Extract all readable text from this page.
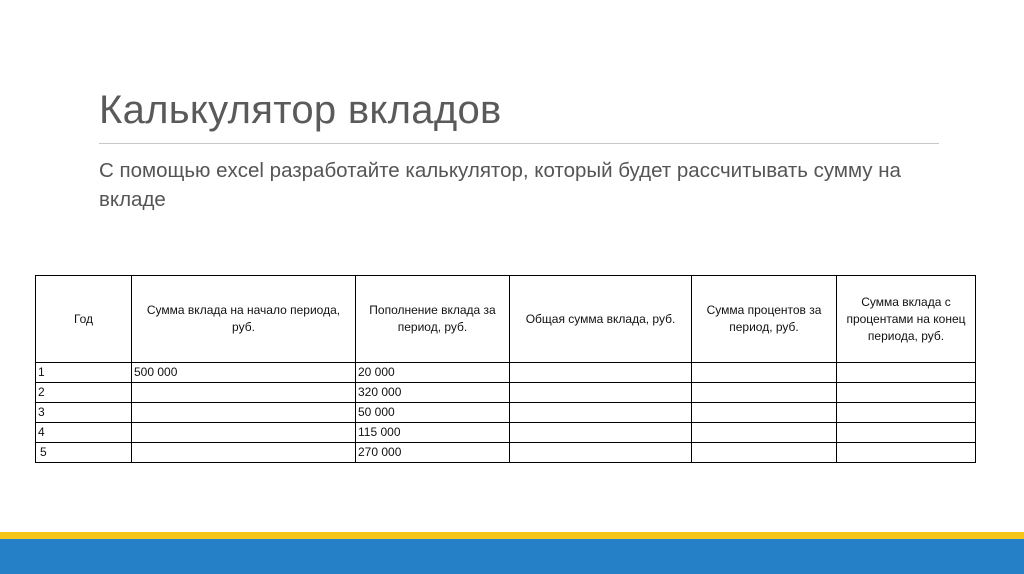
Калькулятор вкладов

С помощью excel разработайте калькулятор, который будет рассчитывать сумму на вкладе

Год	Сумма вклада на начало периода, руб.	Пополнение вклада за период, руб.	Общая сумма вклада, руб.	Сумма процентов за период, руб.	Сумма вклада с процентами на конец периода, руб.
1	500 000	20 000			
2		320 000			
3		50 000			
4		115 000			
5		270 000			
